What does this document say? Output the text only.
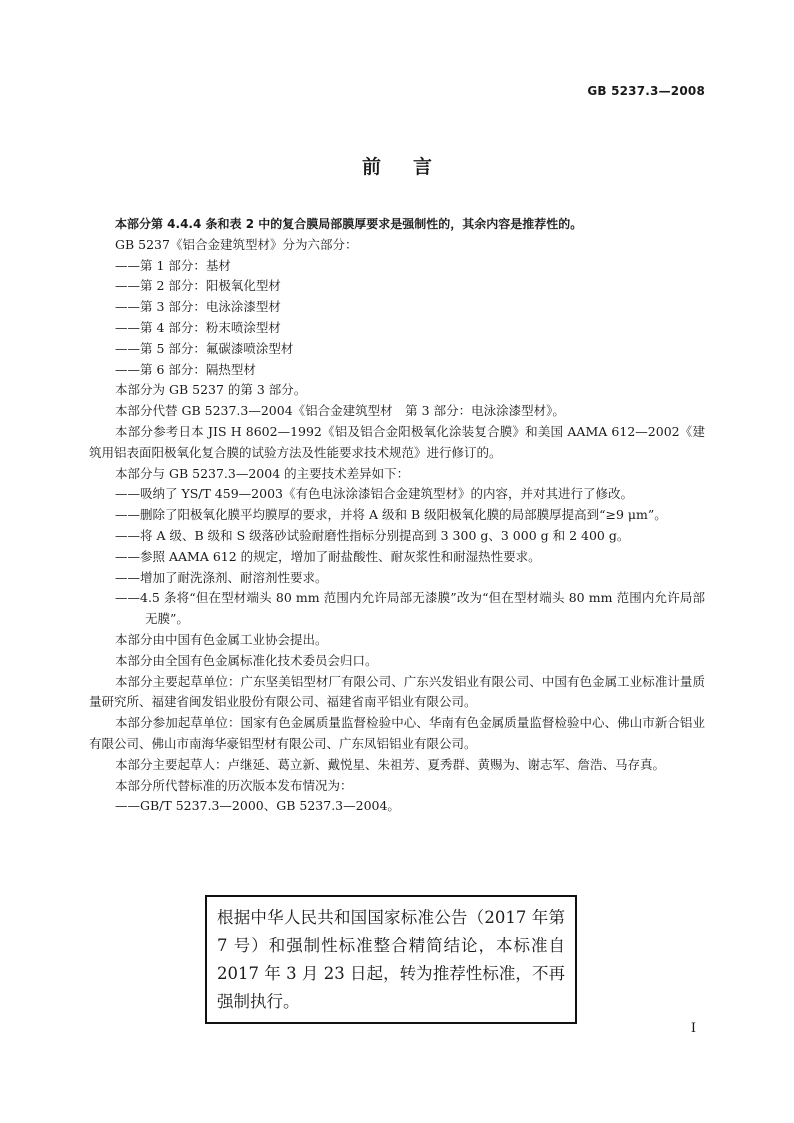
GB 5237.3—2008
前言

本部分第 4.4.4 条和表 2 中的复合膜局部膜厚要求是强制性的，其余内容是推荐性的。

GB 5237《铝合金建筑型材》分为六部分：

——第 1 部分：基材

——第 2 部分：阳极氧化型材

——第 3 部分：电泳涂漆型材

——第 4 部分：粉末喷涂型材

——第 5 部分：氟碳漆喷涂型材

——第 6 部分：隔热型材

本部分为 GB 5237 的第 3 部分。

本部分代替 GB 5237.3—2004《铝合金建筑型材　第 3 部分：电泳涂漆型材》。

本部分参考日本 JIS H 8602—1992《铝及铝合金阳极氧化涂装复合膜》和美国 AAMA 612—2002《建筑用铝表面阳极氧化复合膜的试验方法及性能要求技术规范》进行修订的。

本部分与 GB 5237.3—2004 的主要技术差异如下：

——吸纳了 YS/T 459—2003《有色电泳涂漆铝合金建筑型材》的内容，并对其进行了修改。

——删除了阳极氧化膜平均膜厚的要求，并将 A 级和 B 级阳极氧化膜的局部膜厚提高到“≥9 μm”。

——将 A 级、B 级和 S 级落砂试验耐磨性指标分别提高到 3 300 g、3 000 g 和 2 400 g。

——参照 AAMA 612 的规定，增加了耐盐酸性、耐灰浆性和耐湿热性要求。

——增加了耐洗涤剂、耐溶剂性要求。

——4.5 条将“但在型材端头 80 mm 范围内允许局部无漆膜”改为“但在型材端头 80 mm 范围内允许局部无膜”。

本部分由中国有色金属工业协会提出。

本部分由全国有色金属标准化技术委员会归口。

本部分主要起草单位：广东坚美铝型材厂有限公司、广东兴发铝业有限公司、中国有色金属工业标准计量质量研究所、福建省闽发铝业股份有限公司、福建省南平铝业有限公司。

本部分参加起草单位：国家有色金属质量监督检验中心、华南有色金属质量监督检验中心、佛山市新合铝业有限公司、佛山市南海华豪铝型材有限公司、广东凤铝铝业有限公司。

本部分主要起草人：卢继延、葛立新、戴悦星、朱祖芳、夏秀群、黄赐为、谢志军、詹浩、马存真。

本部分所代替标准的历次版本发布情况为：

——GB/T 5237.3—2000、GB 5237.3—2004。

根据中华人民共和国国家标准公告（2017 年第 7 号）和强制性标准整合精简结论，本标准自 2017 年 3 月 23 日起，转为推荐性标准，不再强制执行。
I
